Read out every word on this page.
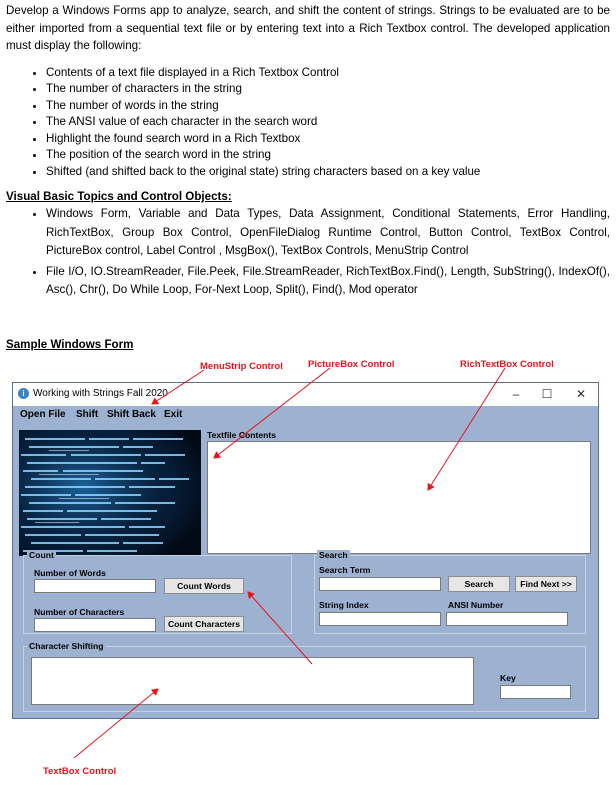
Develop a Windows Forms app to analyze, search, and shift the content of strings. Strings to be evaluated are to be either imported from a sequential text file or by entering text into a Rich Textbox control. The developed application must display the following:

• Contents of a text file displayed in a Rich Textbox Control
• The number of characters in the string
• The number of words in the string
• The ANSI value of each character in the search word
• Highlight the found search word in a Rich Textbox
• The position of the search word in the string
• Shifted (and shifted back to the original state) string characters based on a key value
Visual Basic Topics and Control Objects:
• Windows Form, Variable and Data Types, Data Assignment, Conditional Statements, Error Handling, RichTextBox, Group Box Control, OpenFileDialog Runtime Control, Button Control, TextBox Control, PictureBox control, Label Control , MsgBox(), TextBox Controls, MenuStrip Control
• File I/O, IO.StreamReader, File.Peek, File.StreamReader, RichTextBox.Find(), Length, SubString(), IndexOf(), Asc(), Chr(), Do While Loop, For-Next Loop, Split(), Find(), Mod operator
Sample Windows Form
MenuStrip Control	PictureBox Control	RichTextBox Control
TextBox Control
i Working with Strings Fall 2020	–	☐	✕
Open File Shift Shift Back Exit
Textfile Contents
Count
Number of Words
Count Words
Number of Characters
Count Characters
Search
Search Term
Search	Find Next >>
String Index	ANSI Number
Character Shifting
Key
